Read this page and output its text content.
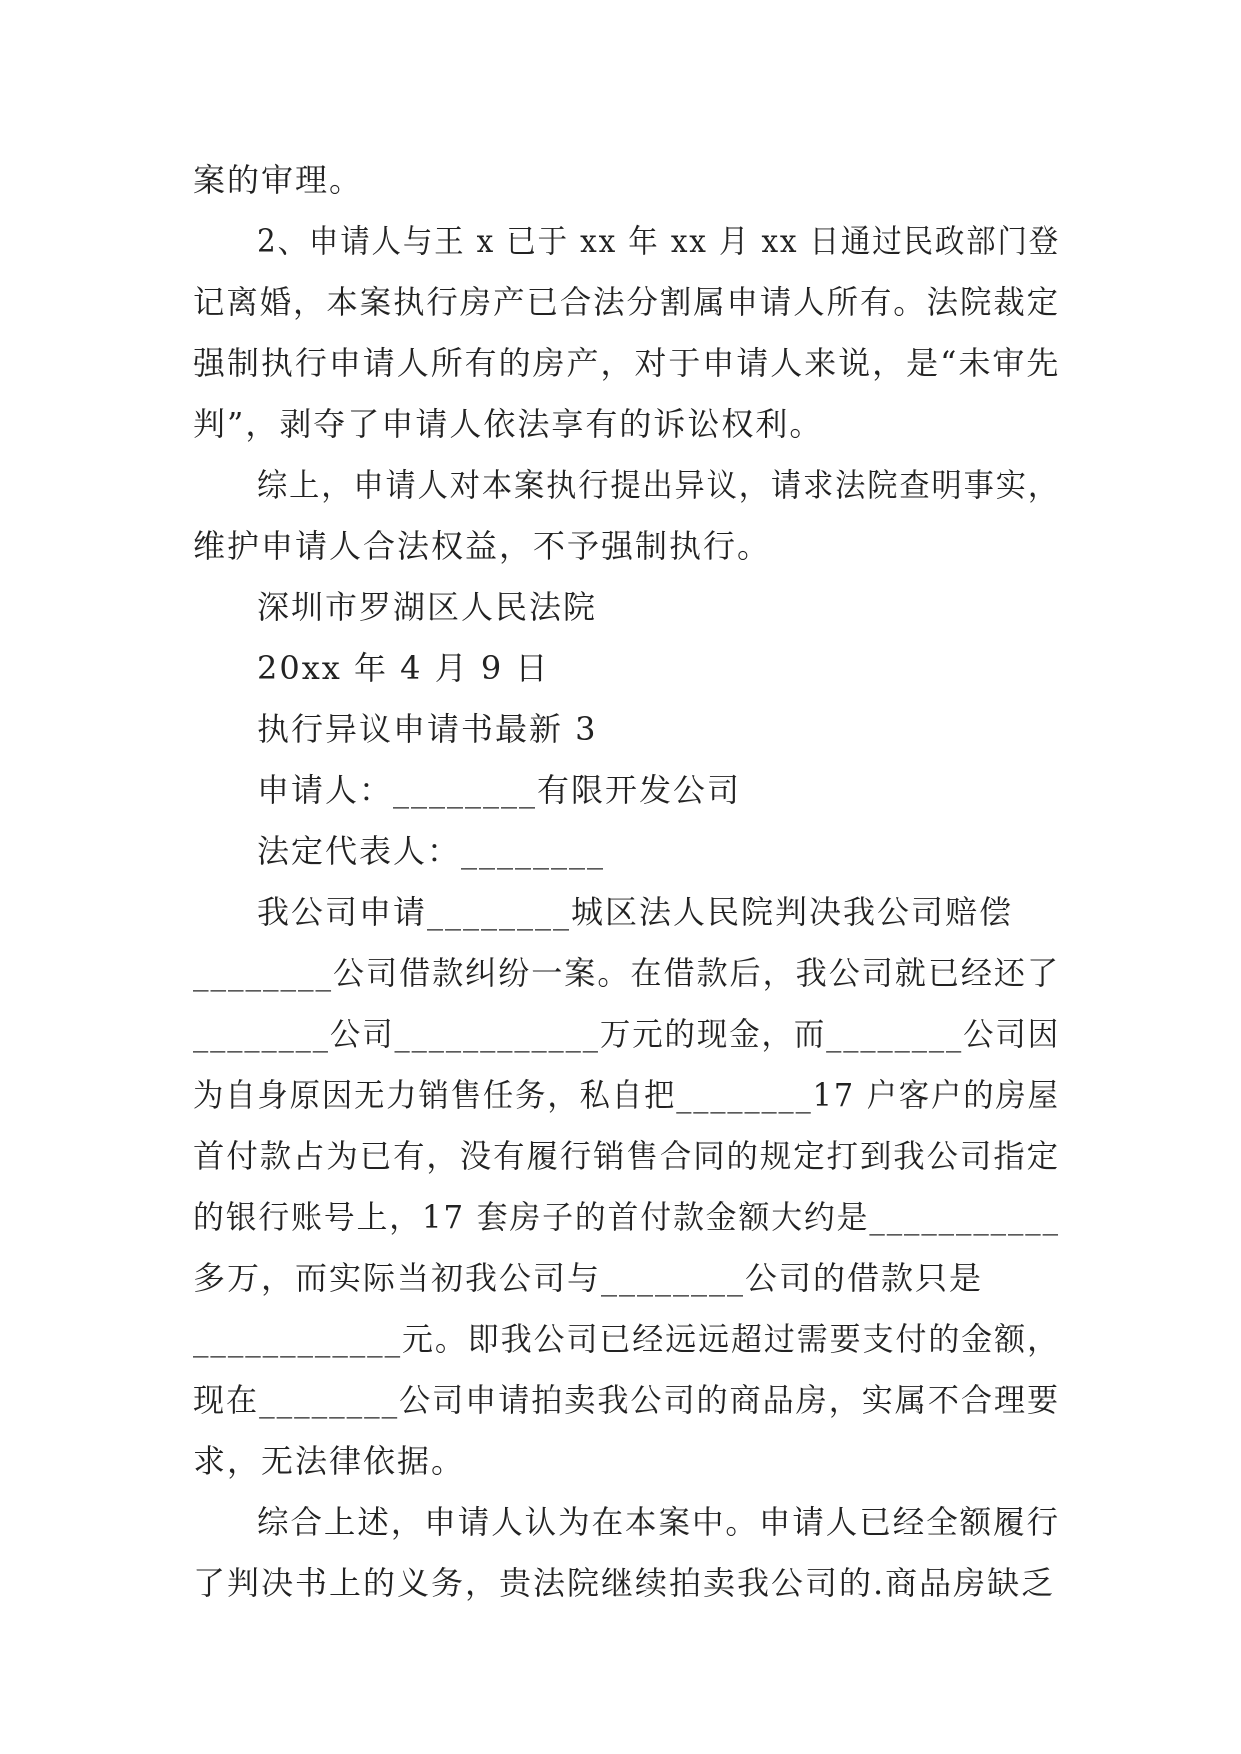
案的审理。
2、申请人与王 x 已于 xx 年 xx 月 xx 日通过民政部门登
记离婚，本案执行房产已合法分割属申请人所有。法院裁定
强制执行申请人所有的房产，对于申请人来说，是“未审先
判”，剥夺了申请人依法享有的诉讼权利。
综上，申请人对本案执行提出异议，请求法院查明事实，
维护申请人合法权益，不予强制执行。
深圳市罗湖区人民法院
20xx 年 4 月 9 日
执行异议申请书最新 3
申请人：________有限开发公司
法定代表人：________
我公司申请________城区法人民院判决我公司赔偿
________公司借款纠纷一案。在借款后，我公司就已经还了
________公司____________万元的现金，而________公司因
为自身原因无力销售任务，私自把________17 户客户的房屋
首付款占为已有，没有履行销售合同的规定打到我公司指定
的银行账号上，17 套房子的首付款金额大约是___________
多万，而实际当初我公司与________公司的借款只是
____________元。即我公司已经远远超过需要支付的金额，
现在________公司申请拍卖我公司的商品房，实属不合理要
求，无法律依据。
综合上述，申请人认为在本案中。申请人已经全额履行
了判决书上的义务，贵法院继续拍卖我公司的.商品房缺乏
